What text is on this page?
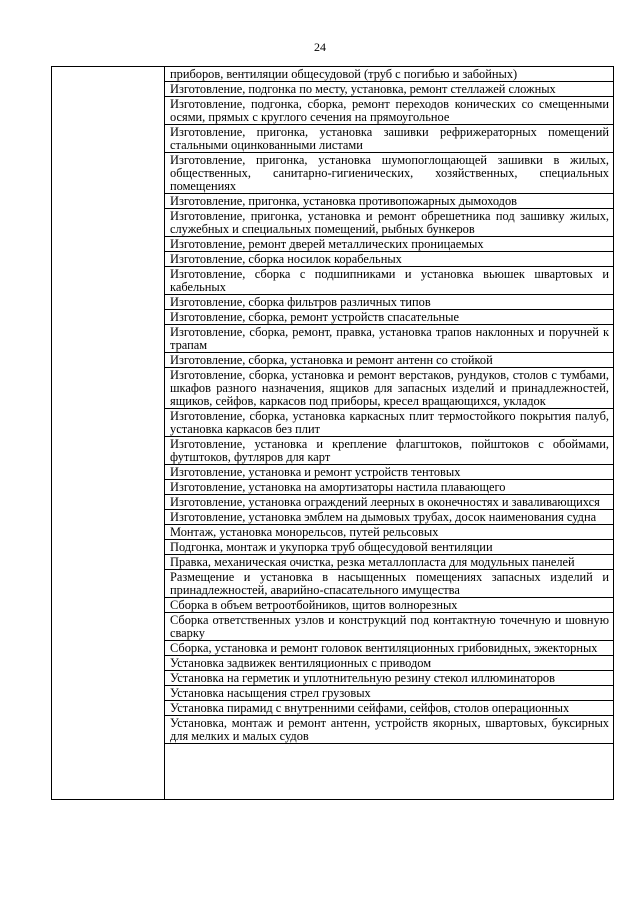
24
	приборов, вентиляции общесудовой (труб с погибью и забойных)
Изготовление, подгонка по месту, установка, ремонт стеллажей сложных
Изготовление, подгонка, сборка, ремонт переходов конических со смещенными осями, прямых с круглого сечения на прямоугольное
Изготовление, пригонка, установка зашивки рефрижераторных помещений стальными оцинкованными листами
Изготовление, пригонка, установка шумопоглощающей зашивки в жилых, общественных, санитарно-гигиенических, хозяйственных, специальных помещениях
Изготовление, пригонка, установка противопожарных дымоходов
Изготовление, пригонка, установка и ремонт обрешетника под зашивку жилых, служебных и специальных помещений, рыбных бункеров
Изготовление, ремонт дверей металлических проницаемых
Изготовление, сборка носилок корабельных
Изготовление, сборка с подшипниками и установка вьюшек швартовых и кабельных
Изготовление, сборка фильтров различных типов
Изготовление, сборка, ремонт устройств спасательные
Изготовление, сборка, ремонт, правка, установка трапов наклонных и поручней к трапам
Изготовление, сборка, установка и ремонт антенн со стойкой
Изготовление, сборка, установка и ремонт верстаков, рундуков, столов с тумбами, шкафов разного назначения, ящиков для запасных изделий и принадлежностей, ящиков, сейфов, каркасов под приборы, кресел вращающихся, укладок
Изготовление, сборка, установка каркасных плит термостойкого покрытия палуб, установка каркасов без плит
Изготовление, установка и крепление флагштоков, пойштоков с обоймами, футштоков, футляров для карт
Изготовление, установка и ремонт устройств тентовых
Изготовление, установка на амортизаторы настила плавающего
Изготовление, установка ограждений леерных в оконечностях и заваливающихся
Изготовление, установка эмблем на дымовых трубах, досок наименования судна
Монтаж, установка монорельсов, путей рельсовых
Подгонка, монтаж и укупорка труб общесудовой вентиляции
Правка, механическая очистка, резка металлопласта для модульных панелей
Размещение и установка в насыщенных помещениях запасных изделий и принадлежностей, аварийно-спасательного имущества
Сборка в объем ветроотбойников, щитов волнорезных
Сборка ответственных узлов и конструкций под контактную точечную и шовную сварку
Сборка, установка и ремонт головок вентиляционных грибовидных, эжекторных
Установка задвижек вентиляционных с приводом
Установка на герметик и уплотнительную резину стекол иллюминаторов
Установка насыщения стрел грузовых
Установка пирамид с внутренними сейфами, сейфов, столов операционных
Установка, монтаж и ремонт антенн, устройств якорных, швартовых, буксирных для мелких и малых судов
